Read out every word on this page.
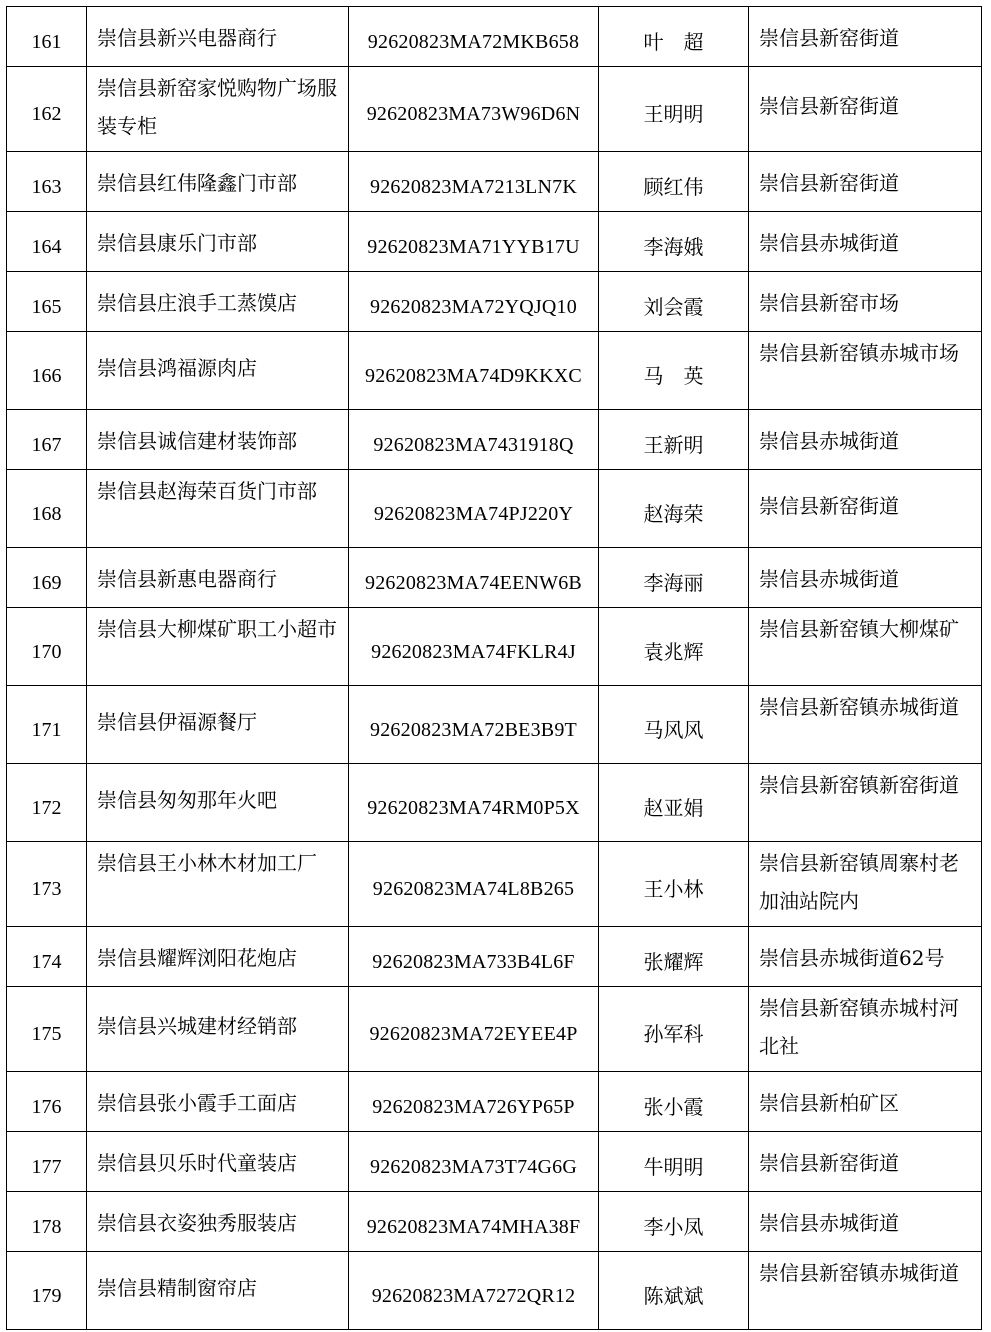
161	崇信县新兴电器商行	92620823MA72MKB658	叶　超	崇信县新窑街道
162	崇信县新窑家悦购物广场服装专柜	92620823MA73W96D6N	王明明	崇信县新窑街道
163	崇信县红伟隆鑫门市部	92620823MA7213LN7K	顾红伟	崇信县新窑街道
164	崇信县康乐门市部	92620823MA71YYB17U	李海娥	崇信县赤城街道
165	崇信县庄浪手工蒸馍店	92620823MA72YQJQ10	刘会霞	崇信县新窑市场
166	崇信县鸿福源肉店	92620823MA74D9KKXC	马　英	崇信县新窑镇赤城市场
167	崇信县诚信建材装饰部	92620823MA7431918Q	王新明	崇信县赤城街道
168	崇信县赵海荣百货门市部	92620823MA74PJ220Y	赵海荣	崇信县新窑街道
169	崇信县新惠电器商行	92620823MA74EENW6B	李海丽	崇信县赤城街道
170	崇信县大柳煤矿职工小超市	92620823MA74FKLR4J	袁兆辉	崇信县新窑镇大柳煤矿
171	崇信县伊福源餐厅	92620823MA72BE3B9T	马风风	崇信县新窑镇赤城街道
172	崇信县匆匆那年火吧	92620823MA74RM0P5X	赵亚娟	崇信县新窑镇新窑街道
173	崇信县王小林木材加工厂	92620823MA74L8B265	王小林	崇信县新窑镇周寨村老加油站院内
174	崇信县耀辉浏阳花炮店	92620823MA733B4L6F	张耀辉	崇信县赤城街道62号
175	崇信县兴城建材经销部	92620823MA72EYEE4P	孙军科	崇信县新窑镇赤城村河北社
176	崇信县张小霞手工面店	92620823MA726YP65P	张小霞	崇信县新柏矿区
177	崇信县贝乐时代童装店	92620823MA73T74G6G	牛明明	崇信县新窑街道
178	崇信县衣姿独秀服装店	92620823MA74MHA38F	李小凤	崇信县赤城街道
179	崇信县精制窗帘店	92620823MA7272QR12	陈斌斌	崇信县新窑镇赤城街道
